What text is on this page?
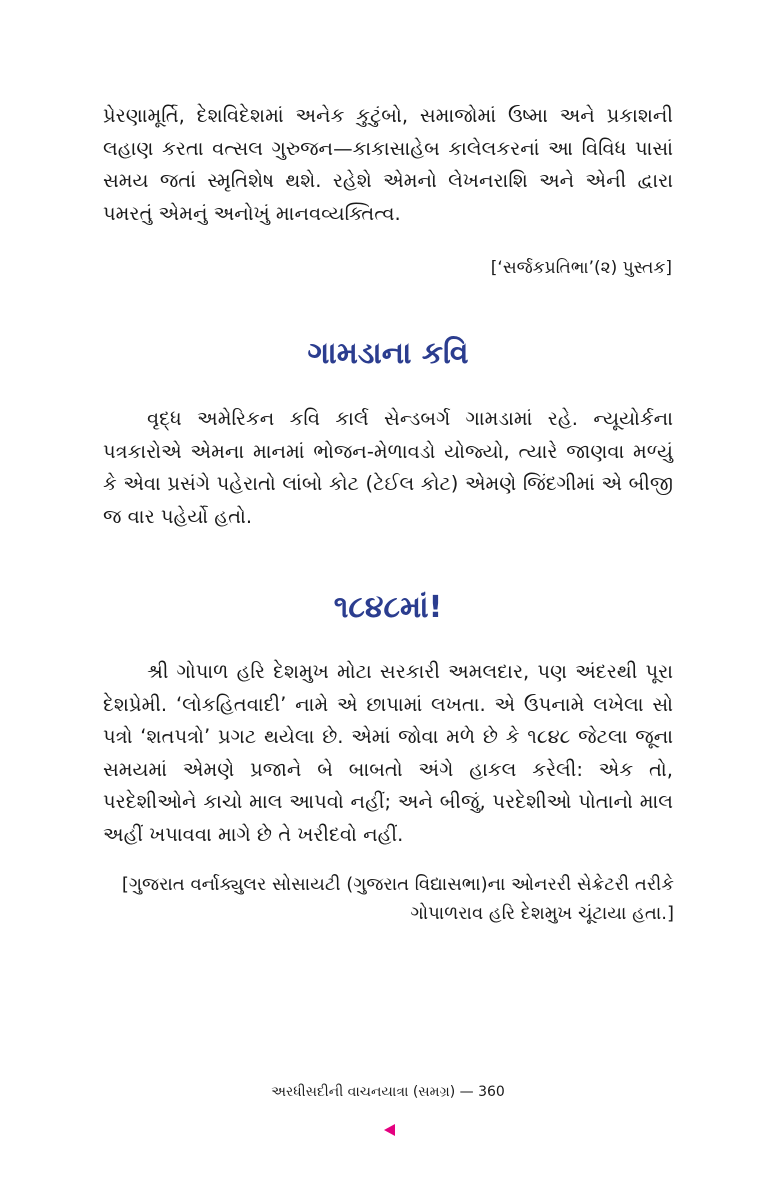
પ્રેરણામૂર્તિ, દેશવિદેશમાં અનેક કુટુંબો, સમાજોમાં ઉષ્મા અને પ્રકાશની લહાણ કરતા વત્સલ ગુરુજન—કાકાસાહેબ કાલેલકરનાં આ વિવિધ પાસાં સમય જતાં સ્મૃતિશેષ થશે. રહેશે એમનો લેખનરાશિ અને એની દ્વારા પમરતું એમનું અનોખું માનવવ્યક્તિત્વ.

[‘સર્જકપ્રતિભા’(૨) પુસ્તક]

ગામડાના કવિ

વૃદ્ધ અમેરિકન કવિ કાર્લ સેન્ડબર્ગ ગામડામાં રહે. ન્યૂયોર્કના પત્રકારોએ એમના માનમાં ભોજન-મેળાવડો યોજ્યો, ત્યારે જાણવા મળ્યું કે એવા પ્રસંગે પહેરાતો લાંબો કોટ (ટેઈલ કોટ) એમણે જિંદગીમાં એ બીજી જ વાર પહેર્યો હતો.

૧૮૪૮માં!

શ્રી ગોપાળ હરિ દેશમુખ મોટા સરકારી અમલદાર, પણ અંદરથી પૂરા દેશપ્રેમી. ‘લોકહિતવાદી’ નામે એ છાપામાં લખતા. એ ઉપનામે લખેલા સો પત્રો ‘શતપત્રો’ પ્રગટ થયેલા છે. એમાં જોવા મળે છે કે ૧૮૪૮ જેટલા જૂના સમયમાં એમણે પ્રજાને બે બાબતો અંગે હાકલ કરેલી: એક તો, પરદેશીઓને કાચો માલ આપવો નહીં; અને બીજું, પરદેશીઓ પોતાનો માલ અહીં ખપાવવા માગે છે તે ખરીદવો નહીં.

[ગુજરાત વર્નાક્યુલર સોસાયટી (ગુજરાત વિદ્યાસભા)ના ઓનરરી સેક્રેટરી તરીકે ગોપાળરાવ હરિ દેશમુખ ચૂંટાયા હતા.]

અરધીસદીની વાચનયાત્રા (સમગ્ર) — 360
